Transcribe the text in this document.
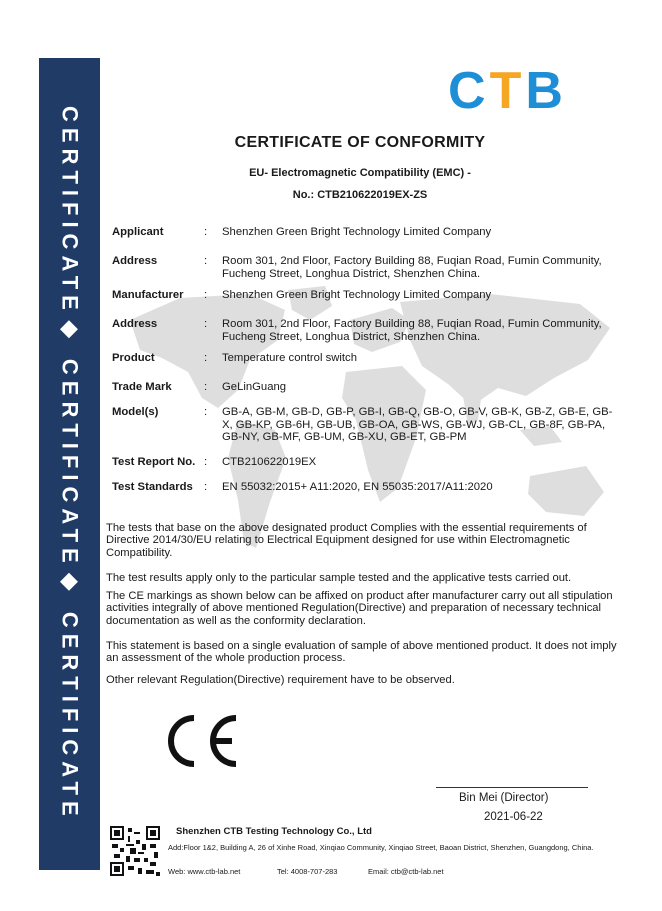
CERTIFICATE◆ CERTIFICATE◆ CERTIFICATE
CTB
CERTIFICATE OF CONFORMITY
EU- Electromagnetic Compatibility (EMC) -
No.: CTB210622019EX-ZS
Applicant	: Shenzhen Green Bright Technology Limited Company
Address	: Room 301, 2nd Floor, Factory Building 88, Fuqian Road, Fumin Community, Fucheng Street, Longhua District, Shenzhen China.
Manufacturer : Shenzhen Green Bright Technology Limited Company
Address	: Room 301, 2nd Floor, Factory Building 88, Fuqian Road, Fumin Community, Fucheng Street, Longhua District, Shenzhen China.
Product	: Temperature control switch
Trade Mark	: GeLinGuang
Model(s)	: GB-A, GB-M, GB-D, GB-P, GB-I, GB-Q, GB-O, GB-V, GB-K, GB-Z, GB-E, GB-X, GB-KP, GB-6H, GB-UB, GB-OA, GB-WS, GB-WJ, GB-CL, GB-8F, GB-PA, GB-NY, GB-MF, GB-UM, GB-XU, GB-ET, GB-PM
Test Report No. : CTB210622019EX
Test Standards : EN 55032:2015+ A11:2020, EN 55035:2017/A11:2020
The tests that base on the above designated product Complies with the essential requirements of Directive 2014/30/EU relating to Electrical Equipment designed for use within Electromagnetic Compatibility.
The test results apply only to the particular sample tested and the applicative tests carried out.
The CE markings as shown below can be affixed on product after manufacturer carry out all stipulation activities integrally of above mentioned Regulation(Directive) and preparation of necessary technical documentation as well as the conformity declaration.
This statement is based on a single evaluation of sample of above mentioned product. It does not imply an assessment of the whole production process.
Other relevant Regulation(Directive) requirement have to be observed.
Bin Mei (Director)
2021-06-22
Shenzhen CTB Testing Technology Co., Ltd
Add:Floor 1&2, Building A, 26 of Xinhe Road, Xinqiao Community, Xinqiao Street, Baoan District, Shenzhen, Guangdong, China.
Web: www.ctb-lab.net	Tel: 4008-707-283	Email: ctb@ctb-lab.net
